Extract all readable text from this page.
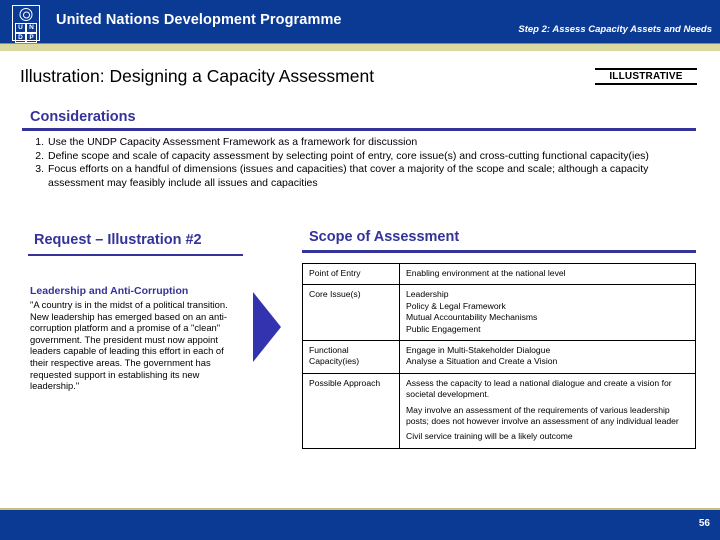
U N
D P
United Nations Development Programme
Step 2: Assess Capacity Assets and Needs
Illustration: Designing a Capacity Assessment	ILLUSTRATIVE
Considerations
1. Use the UNDP Capacity Assessment Framework as a framework for discussion
2. Define scope and scale of capacity assessment by selecting point of entry, core issue(s) and cross-cutting functional capacity(ies)
3. Focus efforts on a handful of dimensions (issues and capacities) that cover a majority of the scope and scale; although a capacity assessment may feasibly include all issues and capacities
Request – Illustration #2
Leadership and Anti-Corruption
"A country is in the midst of a political transition. New leadership has emerged based on an anti-corruption platform and a promise of a "clean" government. The president must now appoint leaders capable of leading this effort in each of their respective areas. The government has requested support in establishing its new leadership."
Scope of Assessment
Point of Entry	Enabling environment at the national level

Core Issue(s)	Leadership
Policy & Legal Framework
Mutual Accountability Mechanisms
Public Engagement

Functional Capacity(ies)	Engage in Multi-Stakeholder Dialogue
Analyse a Situation and Create a Vision

Possible Approach	Assess the capacity to lead a national dialogue and create a vision for societal development.
May involve an assessment of the requirements of various leadership posts; does not however involve an assessment of any individual leader
Civil service training will be a likely outcome
56
